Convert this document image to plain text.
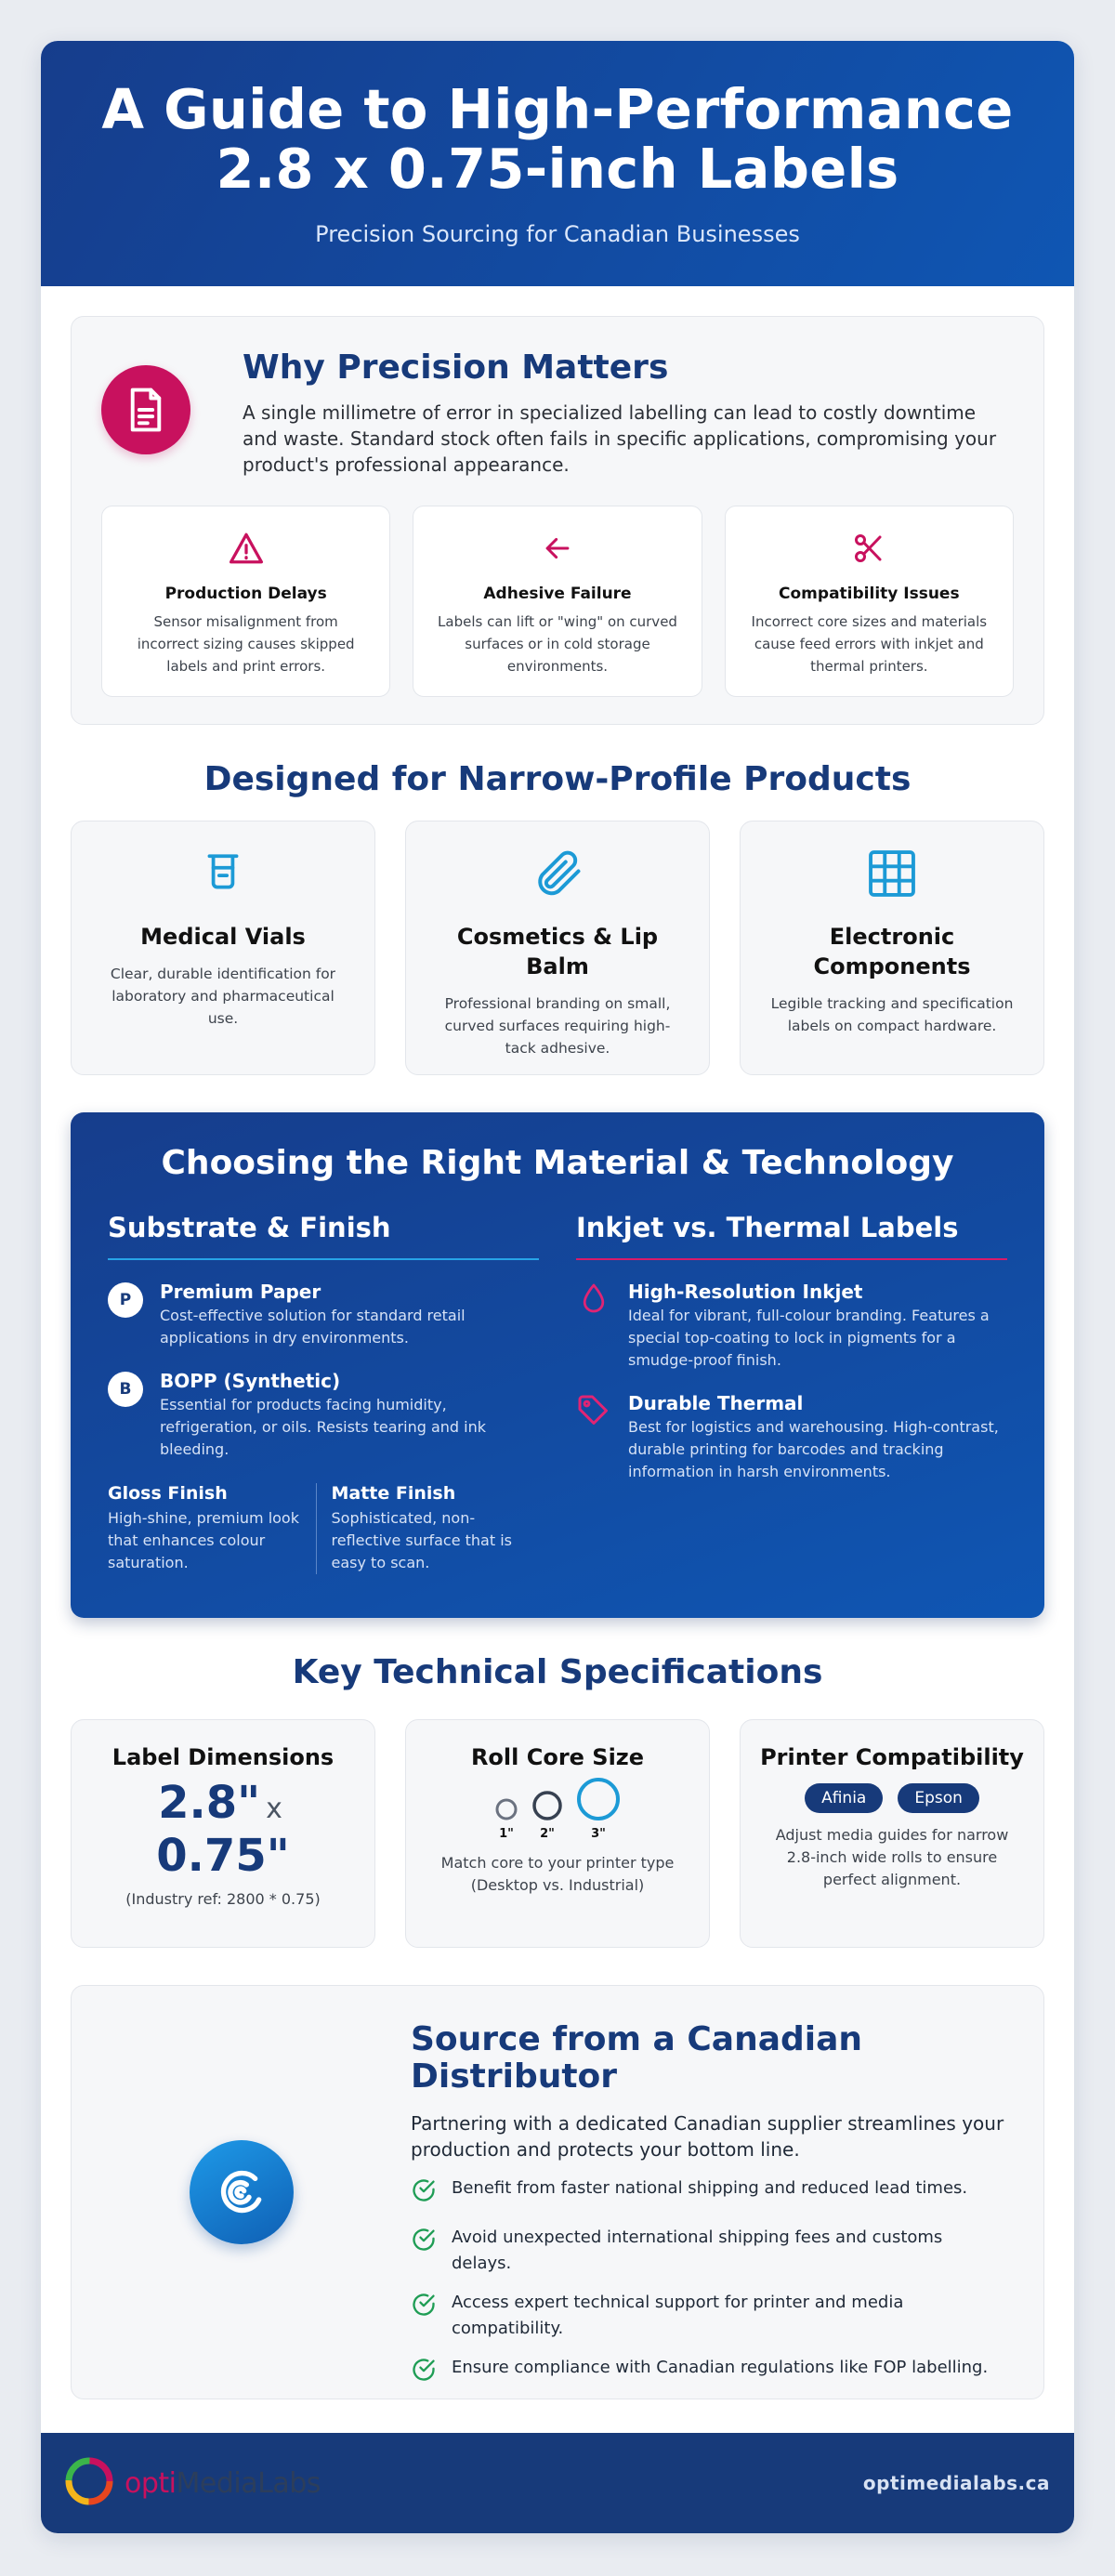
A Guide to High-Performance
2.8 x 0.75-inch Labels
Precision Sourcing for Canadian Businesses
Why Precision Matters

A single millimetre of error in specialized labelling can lead to costly downtime and waste. Standard stock often fails in specific applications, compromising your product's professional appearance.

Production Delays

Sensor misalignment from incorrect sizing causes skipped labels and print errors.

Adhesive Failure

Labels can lift or "wing" on curved surfaces or in cold storage environments.

Compatibility Issues

Incorrect core sizes and materials cause feed errors with inkjet and thermal printers.

Designed for Narrow-Profile Products
Medical Vials

Clear, durable identification for laboratory and pharmaceutical use.

Cosmetics & Lip Balm

Professional branding on small, curved surfaces requiring high-tack adhesive.

Electronic Components

Legible tracking and specification labels on compact hardware.

Choosing the Right Material & Technology
Substrate & Finish
P	Premium Paper

Cost-effective solution for standard retail applications in dry environments.

B	BOPP (Synthetic)

Essential for products facing humidity, refrigeration, or oils. Resists tearing and ink bleeding.

Gloss Finish

High-shine, premium look that enhances colour saturation.

Matte Finish

Sophisticated, non-reflective surface that is easy to scan.

Inkjet vs. Thermal Labels
High-Resolution Inkjet

Ideal for vibrant, full-colour branding. Features a special top-coating to lock in pigments for a smudge-proof finish.

Durable Thermal

Best for logistics and warehousing. High-contrast, durable printing for barcodes and tracking information in harsh environments.

Key Technical Specifications
Label Dimensions
2.8" x
0.75"
(Industry ref: 2800 * 0.75)
Roll Core Size
1" 2"	3"

Match core to your printer type (Desktop vs. Industrial)

Printer Compatibility
Afinia	Epson

Adjust media guides for narrow 2.8-inch wide rolls to ensure perfect alignment.

Source from a Canadian Distributor

Partnering with a dedicated Canadian supplier streamlines your production and protects your bottom line.

Benefit from faster national shipping and reduced lead times.
Avoid unexpected international shipping fees and customs delays.
Access expert technical support for printer and media compatibility.
Ensure compliance with Canadian regulations like FOP labelling.
optiMediaLabs	optimedialabs.ca
